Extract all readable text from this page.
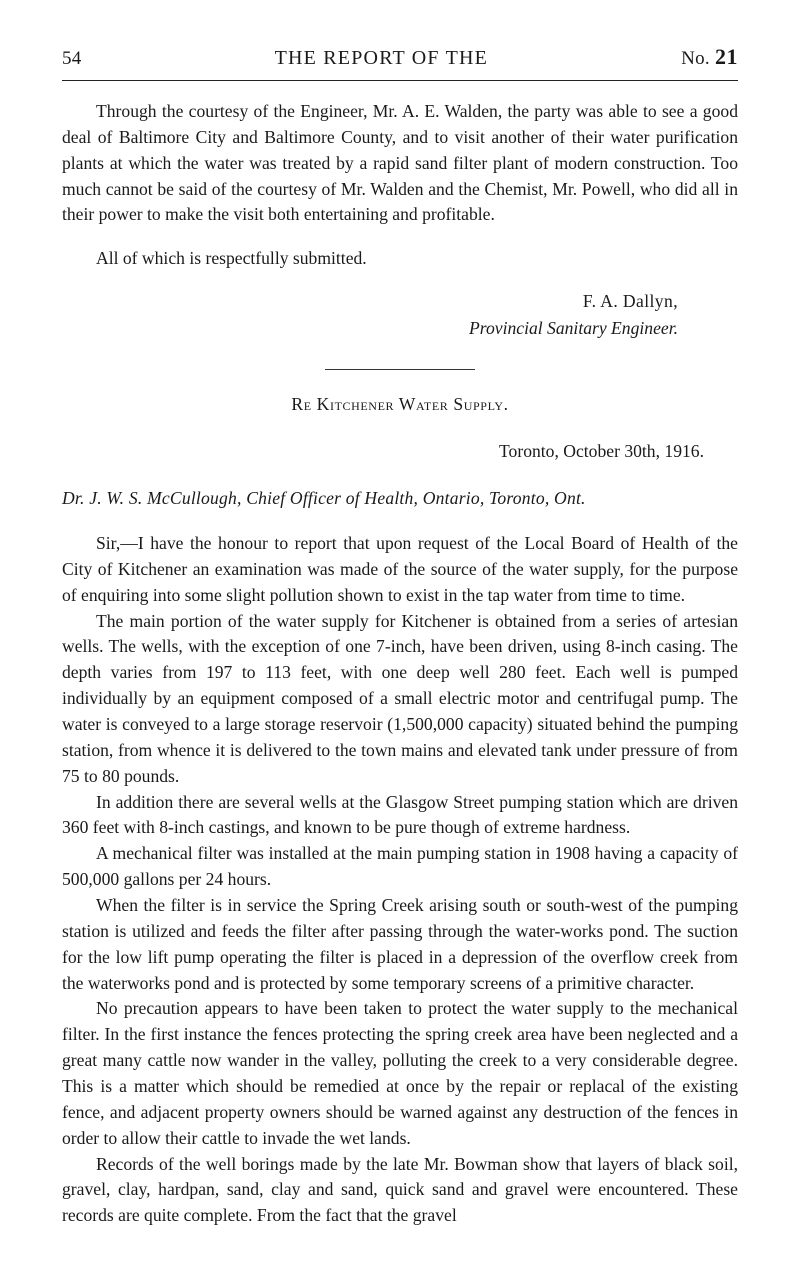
54	THE REPORT OF THE	No. 21

Through the courtesy of the Engineer, Mr. A. E. Walden, the party was able to see a good deal of Baltimore City and Baltimore County, and to visit another of their water purification plants at which the water was treated by a rapid sand filter plant of modern construction. Too much cannot be said of the courtesy of Mr. Walden and the Chemist, Mr. Powell, who did all in their power to make the visit both entertaining and profitable.

All of which is respectfully submitted.

F. A. Dallyn,
Provincial Sanitary Engineer.
Re Kitchener Water Supply.
Toronto, October 30th, 1916.
Dr. J. W. S. McCullough, Chief Officer of Health, Ontario, Toronto, Ont.

Sir,—I have the honour to report that upon request of the Local Board of Health of the City of Kitchener an examination was made of the source of the water supply, for the purpose of enquiring into some slight pollution shown to exist in the tap water from time to time.

The main portion of the water supply for Kitchener is obtained from a series of artesian wells. The wells, with the exception of one 7-inch, have been driven, using 8-inch casing. The depth varies from 197 to 113 feet, with one deep well 280 feet. Each well is pumped individually by an equipment composed of a small electric motor and centrifugal pump. The water is conveyed to a large storage reservoir (1,500,000 capacity) situated behind the pumping station, from whence it is delivered to the town mains and elevated tank under pressure of from 75 to 80 pounds.

In addition there are several wells at the Glasgow Street pumping station which are driven 360 feet with 8-inch castings, and known to be pure though of extreme hardness.

A mechanical filter was installed at the main pumping station in 1908 having a capacity of 500,000 gallons per 24 hours.

When the filter is in service the Spring Creek arising south or south-west of the pumping station is utilized and feeds the filter after passing through the water-works pond. The suction for the low lift pump operating the filter is placed in a depression of the overflow creek from the waterworks pond and is protected by some temporary screens of a primitive character.

No precaution appears to have been taken to protect the water supply to the mechanical filter. In the first instance the fences protecting the spring creek area have been neglected and a great many cattle now wander in the valley, polluting the creek to a very considerable degree. This is a matter which should be remedied at once by the repair or replacal of the existing fence, and adjacent property owners should be warned against any destruction of the fences in order to allow their cattle to invade the wet lands.

Records of the well borings made by the late Mr. Bowman show that layers of black soil, gravel, clay, hardpan, sand, clay and sand, quick sand and gravel were encountered. These records are quite complete. From the fact that the gravel
